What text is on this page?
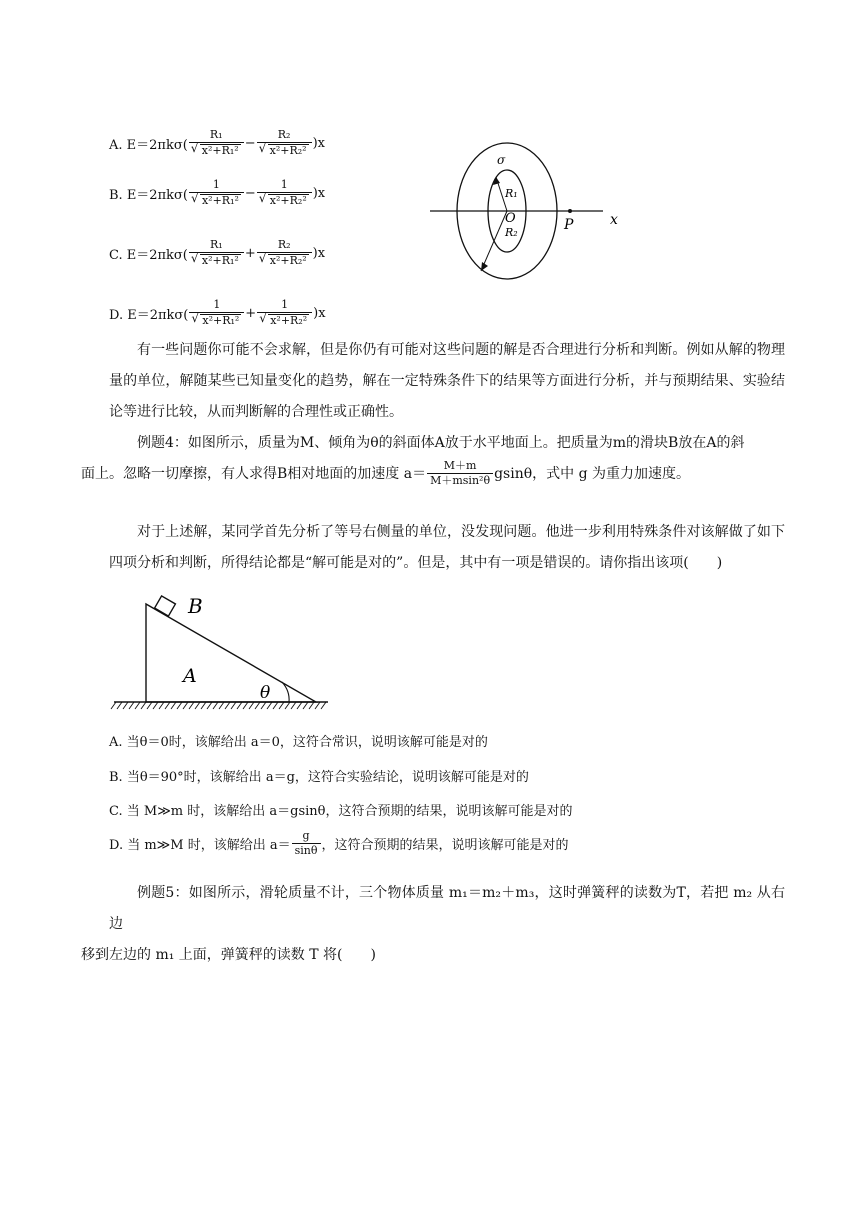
A. E＝2πkσ( R₁
√ x²+R₁² − R₂
√ x²+R₂² )x
B. E＝2πkσ( 1
√ x²+R₁² − 1
√ x²+R₂² )x
C. E＝2πkσ( R₁
√ x²+R₁² + R₂
√ x²+R₂² )x
D. E＝2πkσ( 1
√ x²+R₁² + 1
√ x²+R₂² )x
σ
R₁
O
R₂	P	x
有一些问题你可能不会求解，但是你仍有可能对这些问题的解是否合理进行分析和判断。例如从解的物理量的单位，解随某些已知量变化的趋势，解在一定特殊条件下的结果等方面进行分析，并与预期结果、实验结论等进行比较，从而判断解的合理性或正确性。
例题4：如图所示，质量为M、倾角为θ的斜面体A放于水平地面上。把质量为m的滑块B放在A的斜
面上。忽略一切摩擦，有人求得B相对地面的加速度 $a= \frac{M+m}{\text{M＋msin²θ}}$ gsinθ，式中 g 为重力加速度。
对于上述解，某同学首先分析了等号右侧量的单位，没发现问题。他进一步利用特殊条件对该解做了如下四项分析和判断，所得结论都是“解可能是对的”。但是，其中有一项是错误的。请你指出该项(　　)
B
A
θ
A. 当θ＝0时，该解给出 a＝0，这符合常识，说明该解可能是对的
B. 当θ＝90°时，该解给出 a＝g，这符合实验结论，说明该解可能是对的
C. 当 M≫m 时，该解给出 a＝gsinθ，这符合预期的结果，说明该解可能是对的
D. 当 m≫M 时，该解给出 $a= \frac{g}{\sin\theta}$ ，这符合预期的结果，说明该解可能是对的
例题5：如图所示，滑轮质量不计，三个物体质量 m₁＝m₂＋m₃，这时弹簧秤的读数为T，若把 m₂ 从右边
移到左边的 m₁ 上面，弹簧秤的读数 T 将(　　)
